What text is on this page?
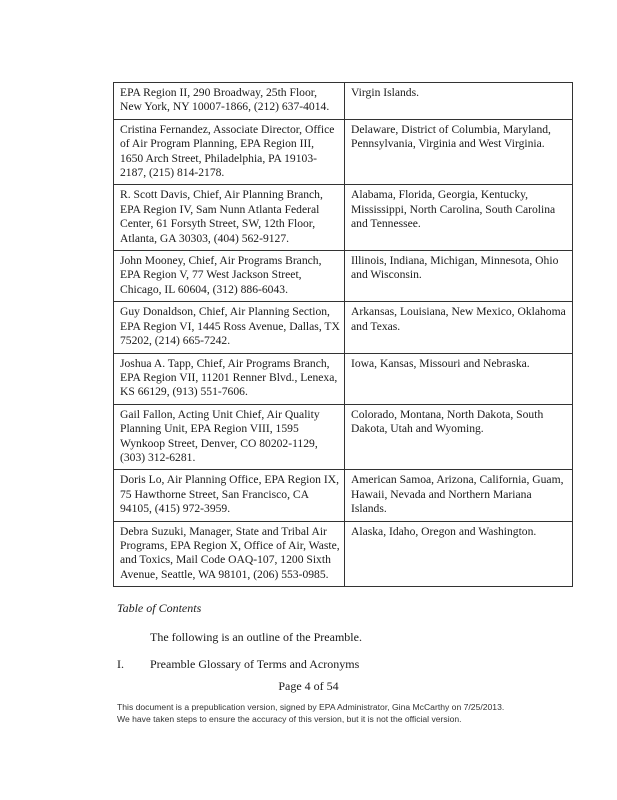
EPA Region II, 290 Broadway, 25th Floor, New York, NY 10007-1866, (212) 637-4014.	Virgin Islands.
Cristina Fernandez, Associate Director, Office of Air Program Planning, EPA Region III, 1650 Arch Street, Philadelphia, PA 19103-2187, (215) 814-2178.	Delaware, District of Columbia, Maryland, Pennsylvania, Virginia and West Virginia.
R. Scott Davis, Chief, Air Planning Branch, EPA Region IV, Sam Nunn Atlanta Federal Center, 61 Forsyth Street, SW, 12th Floor, Atlanta, GA 30303, (404) 562-9127.	Alabama, Florida, Georgia, Kentucky, Mississippi, North Carolina, South Carolina and Tennessee.
John Mooney, Chief, Air Programs Branch, EPA Region V, 77 West Jackson Street, Chicago, IL 60604, (312) 886-6043.	Illinois, Indiana, Michigan, Minnesota, Ohio and Wisconsin.
Guy Donaldson, Chief, Air Planning Section, EPA Region VI, 1445 Ross Avenue, Dallas, TX 75202, (214) 665-7242.	Arkansas, Louisiana, New Mexico, Oklahoma and Texas.
Joshua A. Tapp, Chief, Air Programs Branch, EPA Region VII, 11201 Renner Blvd., Lenexa, KS 66129, (913) 551-7606.	Iowa, Kansas, Missouri and Nebraska.
Gail Fallon, Acting Unit Chief, Air Quality Planning Unit, EPA Region VIII, 1595 Wynkoop Street, Denver, CO 80202-1129, (303) 312-6281.	Colorado, Montana, North Dakota, South Dakota, Utah and Wyoming.
Doris Lo, Air Planning Office, EPA Region IX, 75 Hawthorne Street, San Francisco, CA 94105, (415) 972-3959.	American Samoa, Arizona, California, Guam, Hawaii, Nevada and Northern Mariana Islands.
Debra Suzuki, Manager, State and Tribal Air Programs, EPA Region X, Office of Air, Waste, and Toxics, Mail Code OAQ-107, 1200 Sixth Avenue, Seattle, WA 98101, (206) 553-0985.	Alaska, Idaho, Oregon and Washington.
Table of Contents
The following is an outline of the Preamble.
I. Preamble Glossary of Terms and Acronyms
Page 4 of 54
This document is a prepublication version, signed by EPA Administrator, Gina McCarthy on 7/25/2013. We have taken steps to ensure the accuracy of this version, but it is not the official version.
